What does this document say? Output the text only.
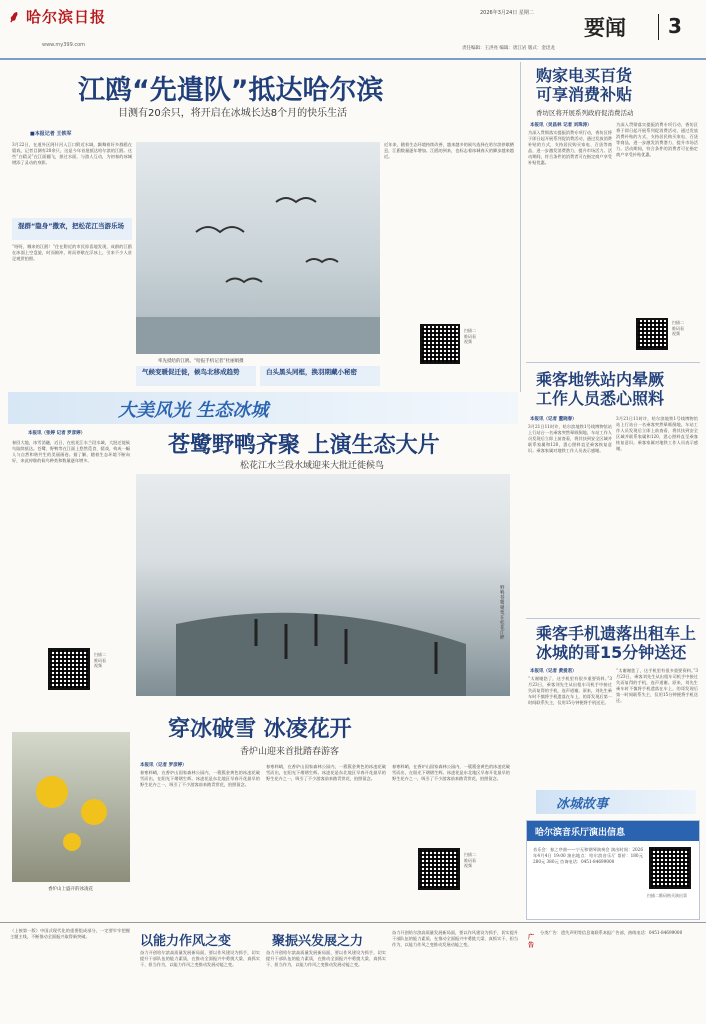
⸙ 哈尔滨日报
www.my399.com
2026年3月24日 星期二
责任编辑：王洪亮 编辑：唐江岩 版式：金迅龙
要闻	3
江鸥“先遣队”抵达哈尔滨
目测有20余只，将开启在冰城长达8个月的快乐生活
■本报记者 王铁军
3月22日，在道外区阿什河入江口附近水域，飘舞着好多群鸥在嬉戏，记者目测有20余只，这是今年首批抵达哈尔滨的江鸥。这些“白精灵”在江面翻飞，掠过水面，与游人互动，为初春的冰城增添了灵动的身影。
混群“隐身”撒欢，把松花江当游乐场
“呀呀，哪来的江鸥！”住在附近的市民惊喜地发现，成群的江鸥在冰面上空盘旋，时而俯冲，时而停歇在浮冰上，引来不少人驻足观赏拍照。
率先抵哈的江鸥。“哈报手机记者”杜丽娟摄
气候变暖促迁徙，候鸟北移成趋势	白头黑头同框，换羽期藏小秘密
近年来，随着生态环境持续改善，越来越多的候鸟选择在哈尔滨停歇栖息，江鸥数量逐年增加。江鸥的到来，也标志着冰城春天的脚步越来越近。
扫描二维码看视频
大美风光 生态冰城
苍鹭野鸭齐聚 上演生态大片
松花江水兰段水域迎来大批迁徙候鸟
本报讯（张婷 记者 罗彦婷）
春回大地，冰雪消融，近日，在松花江水兰段水域，大批迁徙候鸟陆续抵达。苍鹭、野鸭等在江面上悠然觅食、嬉戏，构成一幅人与自然和谐共生的美丽画卷。据了解，随着生态环境不断向好，来此停歇的候鸟种类和数量逐年增多。
扫描二维码看视频
野鸭苍鹭聚集在松花江畔
香炉山上盛开的冰凌花
穿冰破雪 冰凌花开
香炉山迎来首批踏春游客
本报讯（记者 罗彦婷）
春寒料峭，在香炉山国家森林公园内，一簇簇金黄色的冰凌花破雪而出，在阳光下熠熠生辉。冰凌花是东北地区早春开花最早的野生花卉之一，吸引了不少游客前来踏青赏花，拍照留念。
春寒料峭，在香炉山国家森林公园内，一簇簇金黄色的冰凌花破雪而出，在阳光下熠熠生辉。冰凌花是东北地区早春开花最早的野生花卉之一，吸引了不少游客前来踏青赏花，拍照留念。
春寒料峭，在香炉山国家森林公园内，一簇簇金黄色的冰凌花破雪而出，在阳光下熠熠生辉。冰凌花是东北地区早春开花最早的野生花卉之一，吸引了不少游客前来踏青赏花，拍照留念。
扫描二维码看视频
购家电买百货
可享消费补贴
香坊区将开展系列政府促消费活动
本报讯（吴昌林 记者 刘珠涛）
为深入贯彻落实提振消费专项行动，香坊区将于即日起开展系列促消费活动，通过发放消费补贴的方式，支持居民购买家电、百货等商品，进一步激发消费潜力，提升市场活力。活动期间，符合条件的消费者可在指定商户享受补贴优惠。
为深入贯彻落实提振消费专项行动，香坊区将于即日起开展系列促消费活动，通过发放消费补贴的方式，支持居民购买家电、百货等商品，进一步激发消费潜力，提升市场活力。活动期间，符合条件的消费者可在指定商户享受补贴优惠。
扫描二维码看视频
乘客地铁站内晕厥
工作人员悉心照料
本报讯（记者 董晓春）
3月21日11时许，哈尔滨地铁1号线博物馆站上行站台一名乘客突然晕厥倒地。车站工作人员发现后立即上前查看，将其扶到安全区域并联系家属和120，悉心照料直至乘客恢复意识。乘客家属对地铁工作人员表示感谢。
3月21日11时许，哈尔滨地铁1号线博物馆站上行站台一名乘客突然晕厥倒地。车站工作人员发现后立即上前查看，将其扶到安全区域并联系家属和120，悉心照料直至乘客恢复意识。乘客家属对地铁工作人员表示感谢。
乘客手机遗落出租车上
冰城的哥15分钟送还
本报讯（记者 黄爱君）
“太谢谢您了，这手机里有很多重要资料。”3月23日，乘客刘先生从出租车司机手中接过失而复得的手机，连声道谢。原来，刘先生乘车时不慎将手机遗落在车上，的哥发现后第一时间联系失主，仅用15分钟便将手机送还。
“太谢谢您了，这手机里有很多重要资料。”3月23日，乘客刘先生从出租车司机手中接过失而复得的手机，连声道谢。原来，刘先生乘车时不慎将手机遗落在车上，的哥发现后第一时间联系失主，仅用15分钟便将手机送还。
冰城故事
哈尔滨音乐厅演出信息
音乐会：春之序曲——宁无和钢琴演奏会 演出时间：2026年4月4日 19:00 演出地点：哈尔滨音乐厅 票价：180元 280元 380元 咨询电话：0451-84699000
扫描二维码购买演出票
（上接第一版）中国式现代化的重要组成部分，一定要牢牢把握主题主线，不断推动全面振兴取得新突破。	以能力作风之变	聚振兴发展之力
奋力开创哈尔滨高质量发展新局面，要以作风建设为抓手，切实提升干部队伍的能力素质，在推动全面振兴中勇挑大梁、真抓实干、担当作为，以能力作风之变推动发展动能之变。
奋力开创哈尔滨高质量发展新局面，要以作风建设为抓手，切实提升干部队伍的能力素质，在推动全面振兴中勇挑大梁、真抓实干、担当作为，以能力作风之变推动发展动能之变。
奋力开创哈尔滨高质量发展新局面，要以作风建设为抓手，切实提升干部队伍的能力素质，在推动全面振兴中勇挑大梁、真抓实干、担当作为，以能力作风之变推动发展动能之变。
广告
分类广告：遗失声明等信息请联系本报广告部，热线电话：0451-84699000
